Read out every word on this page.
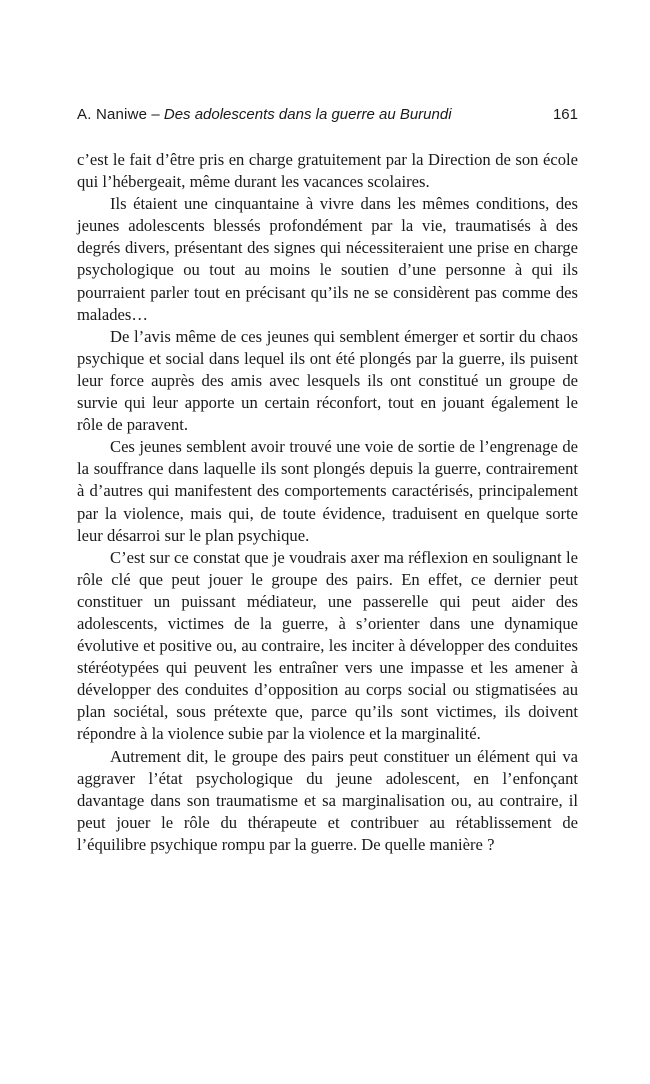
A. Naniwe – Des adolescents dans la guerre au Burundi	161

c’est le fait d’être pris en charge gratuitement par la Direction de son école qui l’hébergeait, même durant les vacances scolaires.

Ils étaient une cinquantaine à vivre dans les mêmes conditions, des jeunes adolescents blessés profondément par la vie, traumatisés à des degrés divers, présentant des signes qui nécessiteraient une prise en charge psychologique ou tout au moins le soutien d’une personne à qui ils pourraient parler tout en précisant qu’ils ne se considèrent pas comme des malades…

De l’avis même de ces jeunes qui semblent émerger et sortir du chaos psychique et social dans lequel ils ont été plongés par la guerre, ils puisent leur force auprès des amis avec lesquels ils ont constitué un groupe de survie qui leur apporte un certain réconfort, tout en jouant également le rôle de paravent.

Ces jeunes semblent avoir trouvé une voie de sortie de l’engrenage de la souffrance dans laquelle ils sont plongés depuis la guerre, contrairement à d’autres qui manifestent des comportements caractérisés, principalement par la violence, mais qui, de toute évidence, traduisent en quelque sorte leur désarroi sur le plan psychique.

C’est sur ce constat que je voudrais axer ma réflexion en soulignant le rôle clé que peut jouer le groupe des pairs. En effet, ce dernier peut constituer un puissant médiateur, une passerelle qui peut aider des adolescents, victimes de la guerre, à s’orienter dans une dynamique évolutive et positive ou, au contraire, les inciter à développer des conduites stéréotypées qui peuvent les entraîner vers une impasse et les amener à développer des conduites d’opposition au corps social ou stigmatisées au plan sociétal, sous prétexte que, parce qu’ils sont victimes, ils doivent répondre à la violence subie par la violence et la marginalité.

Autrement dit, le groupe des pairs peut constituer un élément qui va aggraver l’état psychologique du jeune adolescent, en l’enfonçant davantage dans son traumatisme et sa marginalisation ou, au contraire, il peut jouer le rôle du thérapeute et contribuer au rétablissement de l’équilibre psychique rompu par la guerre. De quelle manière ?
